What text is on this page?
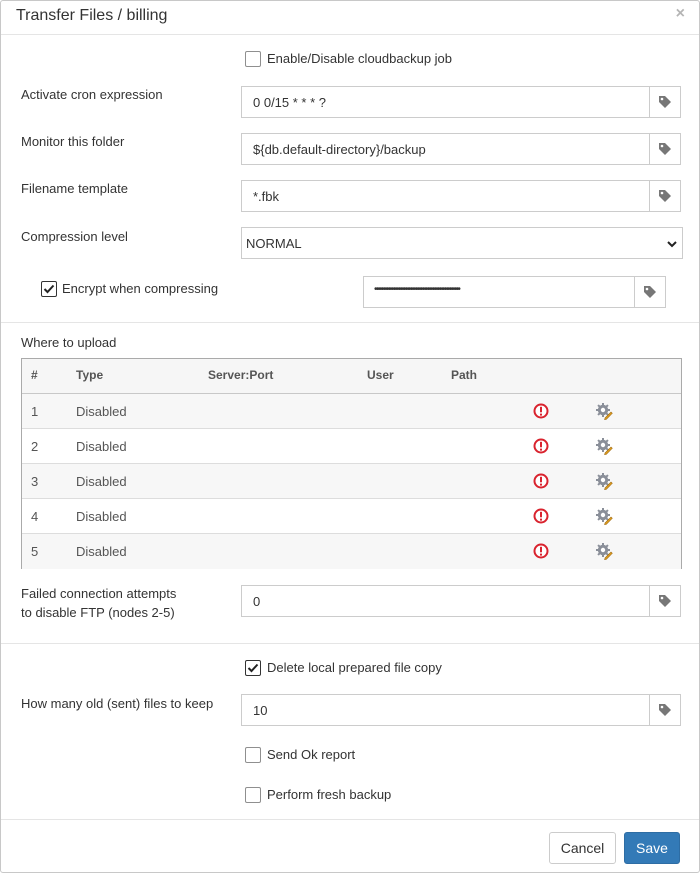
Transfer Files / billing	×
Enable/Disable cloudbackup job
Activate cron expression
0 0/15 * * * ?
Monitor this folder
${db.default-directory}/backup
Filename template
*.fbk
Compression level	NORMAL
Encrypt when compressing	••••••••••••••••••••••••••••••••••••••••••••••••••
Where to upload
#	Type	Server:Port	User	Path
1	Disabled
2	Disabled
3	Disabled
4	Disabled
5	Disabled
Failed connection attempts
to disable FTP (nodes 2-5)
0
Delete local prepared file copy
How many old (sent) files to keep	10
Send Ok report
Perform fresh backup
Cancel	Save
